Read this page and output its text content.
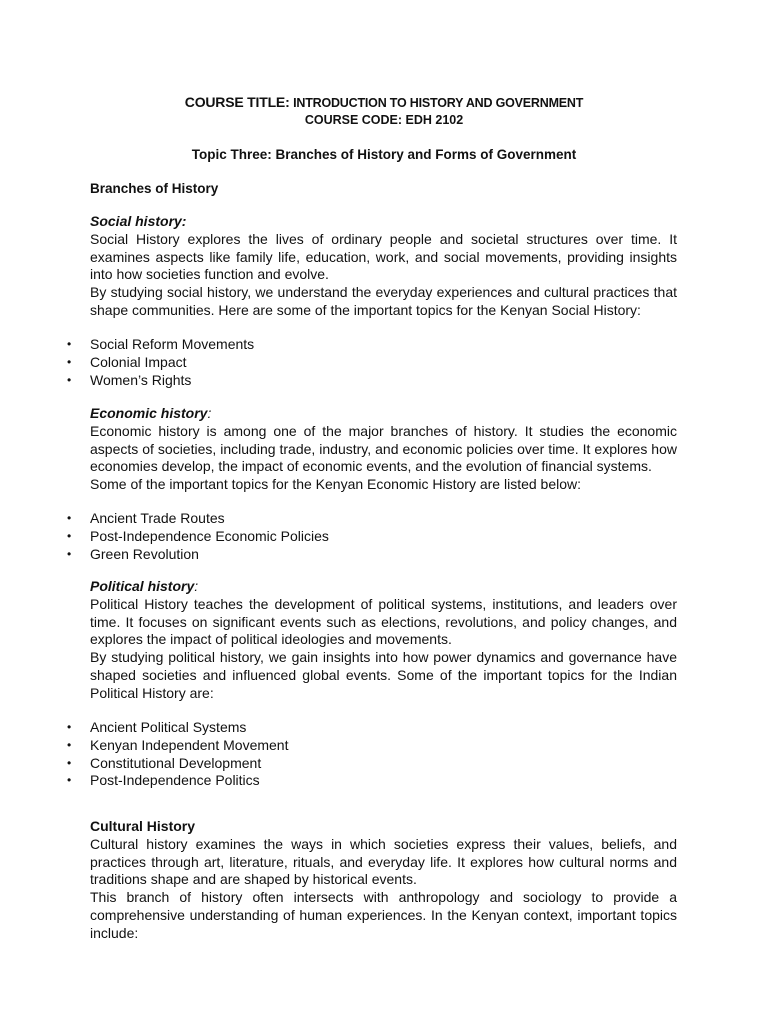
COURSE TITLE: INTRODUCTION TO HISTORY AND GOVERNMENT
COURSE CODE: EDH 2102
Topic Three: Branches of History and Forms of Government
Branches of History
Social history:

Social History explores the lives of ordinary people and societal structures over time. It examines aspects like family life, education, work, and social movements, providing insights into how societies function and evolve.

By studying social history, we understand the everyday experiences and cultural practices that shape communities. Here are some of the important topics for the Kenyan Social History:

• Social Reform Movements
• Colonial Impact
• Women’s Rights
Economic history:

Economic history is among one of the major branches of history. It studies the economic aspects of societies, including trade, industry, and economic policies over time. It explores how economies develop, the impact of economic events, and the evolution of financial systems.

Some of the important topics for the Kenyan Economic History are listed below:

• Ancient Trade Routes
• Post-Independence Economic Policies
• Green Revolution
Political history:

Political History teaches the development of political systems, institutions, and leaders over time. It focuses on significant events such as elections, revolutions, and policy changes, and explores the impact of political ideologies and movements.

By studying political history, we gain insights into how power dynamics and governance have shaped societies and influenced global events. Some of the important topics for the Indian Political History are:

• Ancient Political Systems
• Kenyan Independent Movement
• Constitutional Development
• Post-Independence Politics
Cultural History

Cultural history examines the ways in which societies express their values, beliefs, and practices through art, literature, rituals, and everyday life. It explores how cultural norms and traditions shape and are shaped by historical events.

This branch of history often intersects with anthropology and sociology to provide a comprehensive understanding of human experiences. In the Kenyan context, important topics include:
